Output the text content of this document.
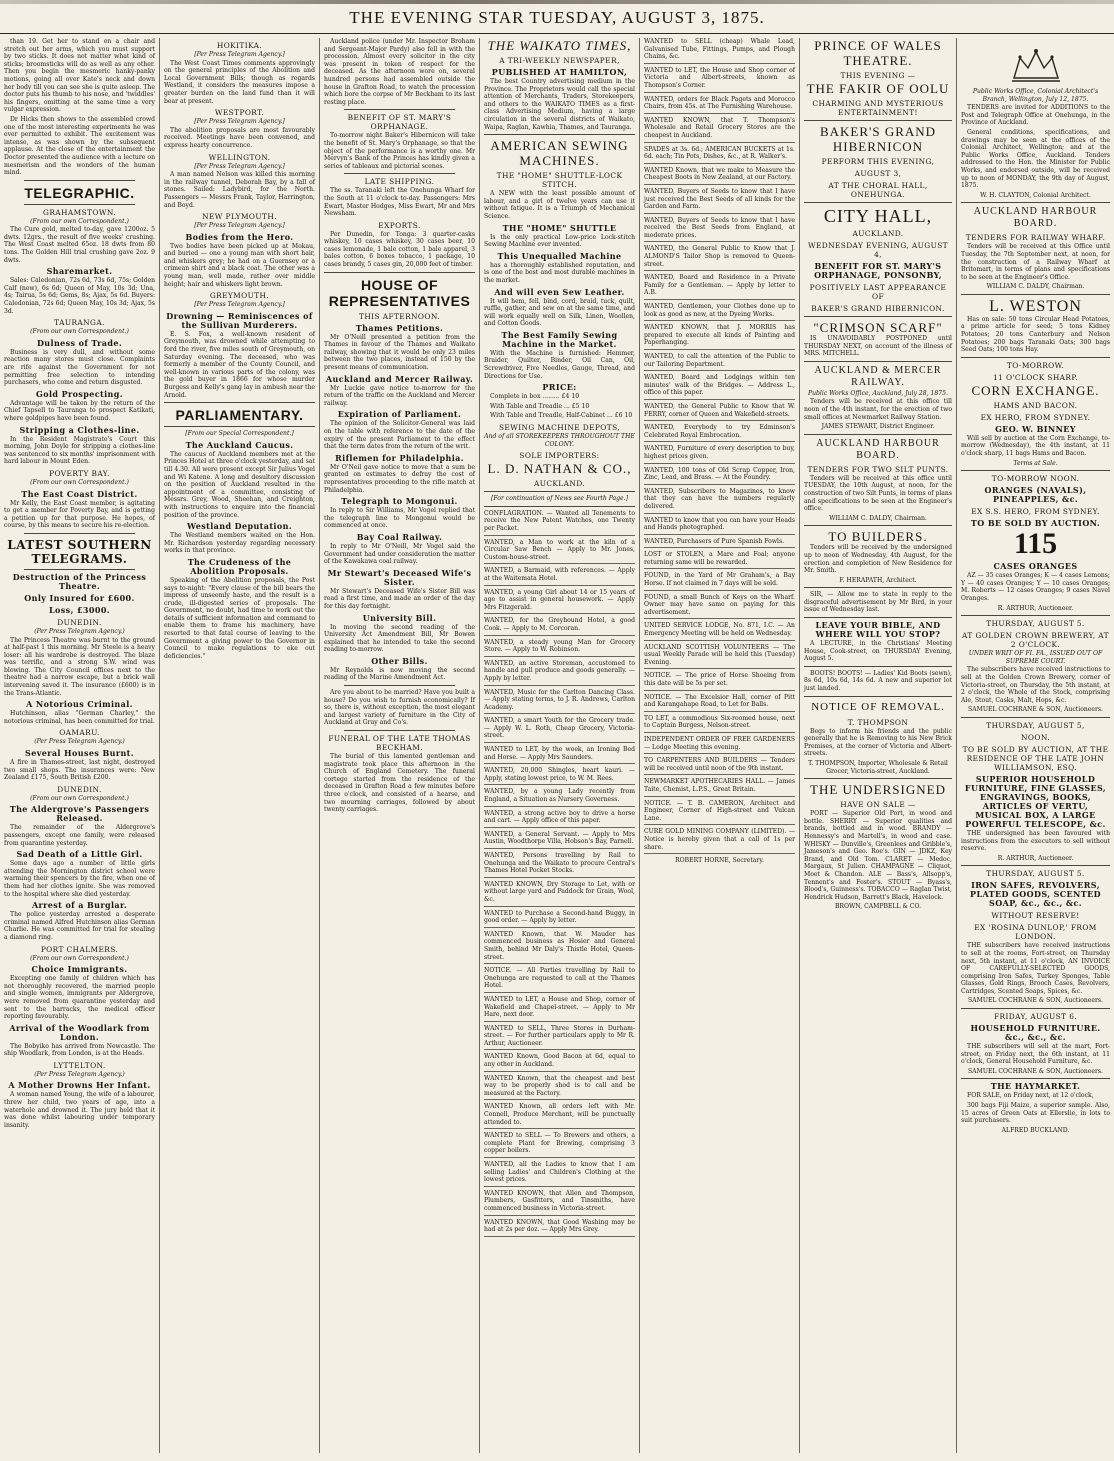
THE EVENING STAR TUESDAY, AUGUST 3, 1875.

than 19. Get her to stand on a chair and stretch out her arms, which you must support by two sticks. It does not matter what kind of sticks; broomsticks will do as well as any other. Then you begin the mesmeric hanky-panky motions, going all over Kate's neck and down her body till you can see she is quite asleep. The doctor puts his thumb to his nose, and 'twiddles' his fingers, omitting at the same time a very vulgar expression.

Dr Hicks then shows to the assembled crowd one of the most interesting experiments he was ever permitted to exhibit. The excitement was intense, as was shown by the subsequent applause. At the close of the entertainment the Doctor presented the audience with a lecture on mesmerism and the wonders of the human mind.

TELEGRAPHIC.
GRAHAMSTOWN.
(From our own Correspondent.)

The Cure gold, melted to-day, gave 1200oz. 5 dwts. 12grs., the result of five weeks' crushing. The West Coast melted 65oz. 18 dwts from 80 tons. The Golden Hill trial crushing gave 2oz. 9 dwts.

Sharemarket.

Sales: Caledonian, 72s 6d, 73s 6d, 75s; Golden Calf (new), 6s 6d; Queen of May, 10s 3d; Una, 4s; Tairua, 5s 6d; Gems, 8s; Ajax, 5s 6d. Buyers: Caledonian, 72s 6d; Queen May, 10s 3d; Ajax, 5s 3d.

TAURANGA.
(From our own Correspondent.)
Dulness of Trade.

Business is very dull, and without some reaction many stores must close. Complaints are rife against the Government for not permitting free selection to intending purchasers, who come and return disgusted.

Gold Prospecting.

Advantage will be taken by the return of the Chief Tapsell to Tauranga to prospect Katikati, where goldpipes have been found.

Stripping a Clothes-line.

In the Resident Magistrate's Court this morning, John Doyle for stripping a clothes-line was sentenced to six months' imprisonment with hard labour in Mount Eden.

POVERTY BAY.
(From our own Correspondent.)
The East Coast District.

Mr Kelly, the East Coast member, is agitating to get a member for Poverty Bay, and is getting a petition up for that purpose. He hopes, of course, by this means to secure his re-election.

LATEST SOUTHERN TELEGRAMS.
Destruction of the Princess Theatre.
Only Insured for £600.
Loss, £3000.
DUNEDIN.
(Per Press Telegram Agency.)

The Princess Theatre was burnt to the ground at half-past 1 this morning. Mr Steele is a heavy loser: all his wardrobe is destroyed. The blaze was terrific, and a strong S.W. wind was blowing. The City Council offices next to the theatre had a narrow escape, but a brick wall intervening saved it. The insurance (£600) is in the Trans-Atlantic.

A Notorious Criminal.

Hutchinson, alias "German Charley," the notorious criminal, has been committed for trial.

OAMARU.
(Per Press Telegram Agency.)
Several Houses Burnt.

A fire in Thames-street, last night, destroyed two small shops. The insurances were: New Zealand £175, South British £200.

DUNEDIN.
(From our own Correspondent.)
The Aldergrove's Passengers Released.

The remainder of the Aldergrove's passengers, except one family, were released from quarantine yesterday.

Sad Death of a Little Girl.

Some days ago a number of little girls attending the Mornington district school were warming their spencers by the fire, when one of them had her clothes ignite. She was removed to the hospital where she died yesterday.

Arrest of a Burglar.

The police yesterday arrested a desperate criminal named Alfred Hutchinson alias German Charlie. He was committed for trial for stealing a diamond ring.

PORT CHALMERS.
(From our own Correspondent.)
Choice Immigrants.

Excepting one family of children which has not thoroughly recovered, the married people and single women, immigrants per Aldergrove, were removed from quarantine yesterday and sent to the barracks, the medical officer reporting favourably.

Arrival of the Woodlark from London.

The Bobyiko has arrived from Newcastle. The ship Woodlark, from London, is at the Heads.

LYTTELTON.
(Per Press Telegram Agency.)
A Mother Drowns Her Infant.

A woman named Young, the wife of a labourer, threw her child, two years of age, into a waterhole and drowned it. The jury held that it was done whilst labouring under temporary insanity.

HOKITIKA.
[Per Press Telegram Agency.]

The West Coast Times comments approvingly on the general principles of the Abolition and Local Government Bills; though as regards Westland, it considers the measures impose a greater burden on the land fund than it will bear at present.

WESTPORT.
[Per Press Telegram Agency.]

The abolition proposals are most favourably received. Meetings have been convened, and express hearty concurrence.

WELLINGTON.
[Per Press Telegram Agency.]

A man named Nelson was killed this morning in the railway tunnel, Deborah Bay, by a fall of stones. Sailed: Ladybird, for the North. Passengers — Messrs Frank, Taylor, Harrington, and Boyd.

NEW PLYMOUTH.
[Per Press Telegram Agency.]
Bodies from the Hero.

Two bodies have been picked up at Mokau, and buried — one a young man with short hair, and whiskers grey; he had on a Guernsey or a crimean shirt and a black coat. The other was a young man, well made, rather over middle height; hair and whiskers light brown.

GREYMOUTH.
[Per Press Telegram Agency.]
Drowning — Reminiscences of the Sullivan Murderers.

E. S. Fox, a well-known resident of Greymouth, was drowned while attempting to ford the river, five miles south of Greymouth, on Saturday evening. The deceased, who was formerly a member of the County Council, and well-known in various parts of the colony, was the gold buyer in 1866 for whose murder Burgess and Kelly's gang lay in ambush near the Arnold.

PARLIAMENTARY.
[From our Special Correspondent.]
The Auckland Caucus.

The caucus of Auckland members met at the Princes Hotel at three o'clock yesterday, and sat till 4.30. All were present except Sir Julius Vogel and Wi Katene. A long and desultory discussion on the position of Auckland resulted in the appointment of a committee, consisting of Messrs. Grey, Wood, Sheehan, and Creighton, with instructions to enquire into the financial position of the province.

Westland Deputation.

The Westland members waited on the Hon. Mr. Richardson yesterday regarding necessary works in that province.

The Crudeness of the Abolition Proposals.

Speaking of the Abolition proposals, the Post says to-night: "Every clause of the bill bears the impress of unseemly haste, and the result is a crude, ill-digested series of proposals. The Government, no doubt, had time to work out the details of sufficient information and command to enable them to frame his machinery, have resorted to that fatal course of leaving to the Government a giving power to the Governor in Council to make regulations to eke out deficiencies."

Auckland police (under Mr. Inspector Broham and Sergeant-Major Pardy) also fell in with the procession. Almost every solicitor in the city was present in token of respect for the deceased. As the afternoon wore on, several hundred persons had assembled outside the house in Grafton Road, to watch the procession which bore the corpse of Mr Beckham to its last resting place.

BENEFIT OF ST. MARY'S ORPHANAGE.

To-morrow night Baker's Hibernicon will take the benefit of St. Mary's Orphanage, so that the object of the performance is a worthy one. Mr Mervyn's Bank of the Princes has kindly given a series of tableaux and pictorial scenes.

LATE SHIPPING.

The ss. Taranaki left the Onehunga Wharf for the South at 11 o'clock to-day. Passengers: Mrs Ewart, Master Hodges, Miss Ewart, Mr and Mrs Newsham.

EXPORTS.

Per Dunedin, for Tonga: 3 quarter-casks whiskey, 10 cases whiskey, 30 cases beer, 10 cases lemonade, 1 bale cotton, 1 bale apparel, 3 bales cotton, 6 boxes tobacco, 1 package, 10 cases brandy, 5 cases gin, 20,000 feet of timber.

HOUSE OF REPRESENTATIVES
THIS AFTERNOON.
Thames Petitions.

Mr O'Neill presented a petition from the Thames in favour of the Thames and Waikato railway, showing that it would be only 23 miles between the two places, instead of 150 by the present means of communication.

Auckland and Mercer Railway.

Mr Luckie gave notice to-morrow for the return of the traffic on the Auckland and Mercer railway.

Expiration of Parliament.

The opinion of the Solicitor-General was laid on the table with reference to the date of the expiry of the present Parliament to the effect that the term dates from the return of the writ.

Riflemen for Philadelphia.

Mr O'Neil gave notice to move that a sum be granted on estimates to defray the cost of representatives proceeding to the rifle match at Philadelphia.

Telegraph to Mongonui.

In reply to Sir Williams, Mr Vogel replied that the telegraph line to Mongonui would be commenced at once.

Bay Coal Railway.

In reply to Mr O'Neill, Mr Vogel said the Government had under consideration the matter of the Kawakawa coal railway.

Mr Stewart's Deceased Wife's Sister.

Mr Stewart's Deceased Wife's Sister Bill was read a first time, and made an order of the day for this day fortnight.

University Bill.

In moving the second reading of the University Act Amendment Bill, Mr Bowen explained that he intended to take the second reading to-morrow.

Other Bills.

Mr Reynolds is now moving the second reading of the Marine Amendment Act.

Are you about to be married? Have you built a house? Do you wish to furnish economically? If so, there is, without exception, the most elegant and largest variety of furniture in the City of Auckland at Gray and Co's.

FUNERAL OF THE LATE THOMAS BECKHAM.

The burial of this lamented gentleman and magistrate took place this afternoon in the Church of England Cemetery. The funeral cortege started from the residence of the deceased in Grafton Road a few minutes before three o'clock, and consisted of a hearse, and two mourning carriages, followed by about twenty carriages.

THE WAIKATO TIMES,
A TRI-WEEKLY NEWSPAPER,
PUBLISHED AT HAMILTON,

The best Country advertising medium in the Province. The Proprietors would call the special attention of Merchants, Traders, Storekeepers, and others to the WAIKATO TIMES as a first-class Advertising Medium, having a large circulation in the several districts of Waikato, Waipa, Raglan, Kawhia, Thames, and Tauranga.

AMERICAN SEWING MACHINES.
THE "HOME" SHUTTLE-LOCK STITCH.

A NEW with the least possible amount of labour, and a girl of twelve years can use it without fatigue. It is a Triumph of Mechanical Science.

THE "HOME" SHUTTLE

Is the only practical Low-price Lock-stitch Sewing Machine ever invented.

This Unequalled Machine

has a thoroughly established reputation, and is one of the best and most durable machines in the market.

And will even Sew Leather.

It will hem, fell, bind, cord, braid, tuck, quilt, ruffle, gather, and sew on at the same time, and will work equally well on Silk, Linen, Woollen, and Cotton Goods.

The Best Family Sewing Machine in the Market.

With the Machine is furnished: Hemmer, Braider, Quilter, Binder, Oil Can, Oil, Screwdriver, Five Needles, Gauge, Thread, and Directions for Use.

PRICE:

Complete in box ......... £4 10

With Table and Treadle ... £5 10

With Table and Treadle, Half-Cabinet ... £6 10

SEWING MACHINE DEPOTS,
And of all STOREKEEPERS THROUGHOUT THE COLONY.
SOLE IMPORTERS:
L. D. NATHAN & CO.,
AUCKLAND.
[For continuation of News see Fourth Page.]
CONFLAGRATION. — Wanted all Tenements to receive the New Patent Watches, one Twenty per Packet.
WANTED, a Man to work at the kiln of a Circular Saw Bench — Apply to Mr. Jones, Custom-house-street.
WANTED, a Barmaid, with references. — Apply at the Waitemata Hotel.
WANTED, a young Girl about 14 or 15 years of age to assist in general housework. — Apply Mrs Fitzgerald.
WANTED, for the Greyhound Hotel, a good Cook. — Apply to M. Corcoran.
WANTED, a steady young Man for Grocery Store. — Apply to W. Robinson.
WANTED, an active Storeman, accustomed to handle and pull produce and goods generally. — Apply by letter.
WANTED, Music for the Carlton Dancing Class. — Apply stating terms, to J. R. Andrews, Carlton Academy.
WANTED, a smart Youth for the Grocery trade. — Apply W. L. Roth, Cheap Grocery, Victoria-street.
WANTED to LET, by the week, an Ironing Bed and Horse. — Apply Mrs Saunders.
WANTED, 20,000 Shingles, heart kauri. — Apply, stating lowest price, to W. M. Rees.
WANTED, by a young Lady recently from England, a Situation as Nursery Governess.
WANTED, a strong active boy to drive a horse and cart. — Apply office of this paper.
WANTED, a General Servant. — Apply to Mrs Austin, Woodthorpe Villa, Hobson's Bay, Parnell.
WANTED, Persons travelling by Rail to Onehunga and the Waikato to procure Central's Thames Hotel Pocket Stocks.
WANTED KNOWN, Dry Storage to Let, with or without large yard and Paddock for Grain, Wool, &c.
WANTED to Purchase a Second-hand Buggy, in good order. — Apply by letter.
WANTED Known, that W. Mauder has commenced business as Hosier and General Smith, behind Mr Daly's Thistle Hotel, Queen-street.
NOTICE. — All Parties travelling by Rail to Onehunga are requested to call at the Thames Hotel.
WANTED to LET, a House and Shop, corner of Wakefield and Chapel-street. — Apply to Mr Hare, next door.
WANTED to SELL, Three Stores in Durham-street. — For further particulars apply to Mr R. Arthur, Auctioneer.
WANTED Known, Good Bacon at 6d, equal to any other in Auckland.
WANTED Known, that the cheapest and best way to be properly shod is to call and be measured at the Factory.
WANTED Known, all orders left with Mr. Connell, Produce Merchant, will be punctually attended to.
WANTED to SELL — To Brewers and others, a complete Plant for Brewing, comprising 3 copper boilers.
WANTED, all the Ladies to know that I am selling Ladies' and Children's Clothing at the lowest prices.
WANTED KNOWN, that Allen and Thompson, Plumbers, Gasfitters, and Tinsmiths, have commenced business in Victoria-street.
WANTED KNOWN, that Good Washing may be had at 2s per doz. — Apply Mrs Grey.
WANTED to SELL (cheap) Whale Lead, Galvanised Tube, Fittings, Pumps, and Plough Chains, &c.
WANTED to LET, the House and Shop corner of Victoria and Albert-streets, known as Thompson's Corner.
WANTED, orders for Black Pagets and Morocco Chairs, from 45s. at The Furnishing Warehouse.
WANTED KNOWN, that T. Thompson's Wholesale and Retail Grocery Stores are the cheapest in Auckland.
SPADES at 3s. 6d.; AMERICAN BUCKETS at 1s. 6d. each; Tin Pots, Dishes, &c., at R. Walker's.
WANTED Known, that we make to Measure the Cheapest Boots in New Zealand, at our Factory.
WANTED, Buyers of Seeds to know that I have just received the Best Seeds of all kinds for the Garden and Farm.
WANTED, Buyers of Seeds to know that I have received the Best Seeds from England, at moderate prices.
WANTED, the General Public to Know that J. ALMOND'S Tailor Shop is removed to Queen-street.
WANTED, Board and Residence in a Private Family for a Gentleman. — Apply by letter to A.B.
WANTED, Gentlemen, your Clothes done up to look as good as new, at the Dyeing Works.
WANTED KNOWN, that J. MORRIS has prepared to execute all kinds of Painting and Paperhanging.
WANTED, to call the attention of the Public to our Tailoring Department.
WANTED, Board and Lodgings within ten minutes' walk of the Bridges. — Address L., office of this paper.
WANTED, the General Public to Know that W. FERRY, corner of Queen and Wakefield-streets.
WANTED, Everybody to try Edminson's Celebrated Royal Embrocation.
WANTED, Furniture of every description to buy, highest prices given.
WANTED, 100 tons of Old Scrap Copper, Iron, Zinc, Lead, and Brass. — At the Foundry.
WANTED, Subscribers to Magazines, to know that they can have the numbers regularly delivered.
WANTED to know that you can have your Heads and Hands photographed.
WANTED, Purchasers of Pure Spanish Fowls.
LOST or STOLEN, a Mare and Foal; anyone returning same will be rewarded.
FOUND, in the Yard of Mr Graham's, a Bay Horse. If not claimed in 7 days will be sold.
FOUND, a small Bunch of Keys on the Wharf. Owner may have same on paying for this advertisement.
UNITED SERVICE LODGE, No. 871, I.C. — An Emergency Meeting will be held on Wednesday.
AUCKLAND SCOTTISH VOLUNTEERS — The usual Weekly Parade will be held this (Tuesday) Evening.
NOTICE. — The price of Horse Shoeing from this date will be 5s per set.
NOTICE. — The Excelsior Hall, corner of Pitt and Karangahape Road, to Let for Balls.
TO LET, a commodious Six-roomed house, next to Captain Burgess, Nelson-street.
INDEPENDENT ORDER OF FREE GARDENERS — Lodge Meeting this evening.
TO CARPENTERS AND BUILDERS — Tenders will be received until noon of the 9th instant.
NEWMARKET APOTHECARIES HALL. — James Taite, Chemist, L.P.S., Great Britain.
NOTICE. — T. B. CAMERON, Architect and Engineer, Corner of High-street and Vulcan Lane.
CURE GOLD MINING COMPANY (LIMITED). — Notice is hereby given that a call of 1s per share.
ROBERT HORNE, Secretary.
PRINCE OF WALES THEATRE.
THIS EVENING —
THE FAKIR OF OOLU
CHARMING AND MYSTERIOUS ENTERTAINMENT!
BAKER'S GRAND HIBERNICON
PERFORM THIS EVENING,
AUGUST 3,
AT THE CHORAL HALL, ONEHUNGA.
CITY HALL,
AUCKLAND.
WEDNESDAY EVENING, AUGUST 4,
BENEFIT FOR ST. MARY'S ORPHANAGE, PONSONBY,
POSITIVELY LAST APPEARANCE OF
BAKER'S GRAND HIBERNICON.
"CRIMSON SCARF"

IS UNAVOIDABLY POSTPONED until THURSDAY NEXT, on account of the illness of MRS. MITCHELL.

AUCKLAND & MERCER RAILWAY.
Public Works Office, Auckland, July 28, 1875.

Tenders will be received at this office till noon of the 4th instant, for the erection of two small offices at Newmarket Railway Station.

JAMES STEWART, District Engineer.
AUCKLAND HARBOUR BOARD.
TENDERS FOR TWO SILT PUNTS.

Tenders will be received at this office until TUESDAY, the 10th August, at noon, for the construction of two Silt Punts, in terms of plans and specifications to be seen at the Engineer's office.

WILLIAM C. DALDY, Chairman.
TO BUILDERS.

Tenders will be received by the undersigned up to noon of Wednesday, 4th August, for the erection and completion of New Residence for Mr. Smith.

F. HERAPATH, Architect.

SIR, — Allow me to state in reply to the disgraceful advertisement by Mr Bird, in your issue of Wednesday last.

LEAVE YOUR BIBLE, AND WHERE WILL YOU STOP?

A LECTURE, in the Christians' Meeting House, Cook-street, on THURSDAY Evening, August 5.

BOOTS! BOOTS! — Ladies' Kid Boots (sewn), 8s 6d, 10s 6d, 14s 6d. A new and superior lot just landed.

NOTICE OF REMOVAL.
T. THOMPSON

Begs to inform his friends and the public generally that he is Removing to his New Brick Premises, at the corner of Victoria and Albert-streets.

T. THOMPSON, Importer, Wholesale & Retail Grocer, Victoria-street, Auckland.
THE UNDERSIGNED
HAVE ON SALE —

PORT — Superior Old Port, in wood and bottle. SHERRY — Superior qualities and brands, bottled and in wood. BRANDY — Hennessy's and Martell's, in wood and case. WHISKY — Dunville's, Greenlees and Gribble's, Jameson's and Geo. Roe's. GIN — JDKZ, Key Brand, and Old Tom. CLARET — Medoc, Margaux, St Julien. CHAMPAGNE — Cliquot, Moet & Chandon. ALE — Bass's, Allsopp's, Tennent's and Foster's. STOUT — Byass's, Blood's, Guinness's. TOBACCO — Raglan Twist, Hendrick Hudson, Barrett's Black, Havelock.

BROWN, CAMPBELL & CO.
Public Works Office, Colonial Architect's Branch, Wellington, July 12, 1875.

TENDERS are invited for ADDITIONS to the Post and Telegraph Office at Onehunga, in the Province of Auckland.

General conditions, specifications, and drawings may be seen at the offices of the Colonial Architect, Wellington; and at the Public Works Office, Auckland. Tenders addressed to the Hon. the Minister for Public Works, and endorsed outside, will be received up to noon of MONDAY, the 9th day of August, 1875.

W. H. CLAYTON, Colonial Architect.
AUCKLAND HARBOUR BOARD.
TENDERS FOR RAILWAY WHARF.

Tenders will be received at this Office until Tuesday, the 7th September next, at noon, for the construction of a Railway Wharf at Britomart, in terms of plans and specifications to be seen at the Engineer's Office.

WILLIAM C. DALDY, Chairman.
L. WESTON

Has on sale: 50 tons Circular Head Potatoes, a prime article for seed; 5 tons Kidney Potatoes; 20 tons Canterbury and Nelson Potatoes; 200 bags Taranaki Oats; 300 bags Seed Oats; 100 tons Hay.

TO-MORROW.
11 O'CLOCK SHARP.
CORN EXCHANGE.
HAMS AND BACON.
EX HERO, FROM SYDNEY.
GEO. W. BINNEY

Will sell by auction at the Corn Exchange, to-morrow (Wednesday), the 4th instant, at 11 o'clock sharp, 11 bags Hams and Bacon.

Terms at Sale.
TO-MORROW NOON.
ORANGES (NAVALS), PINEAPPLES, &c.
EX S.S. HERO, FROM SYDNEY.
TO BE SOLD BY AUCTION.
115
CASES ORANGES

AZ — 35 cases Oranges; K — 4 cases Lemons; Y — 40 cases Oranges; Y — 10 cases Oranges; M. Roberts — 12 cases Oranges; 9 cases Navel Oranges.

R. ARTHUR, Auctioneer.
THURSDAY, AUGUST 5.
AT GOLDEN CROWN BREWERY, AT 2 O'CLOCK.
UNDER WRIT OF FI. FA., ISSUED OUT OF SUPREME COURT.

The subscribers have received instructions to sell at the Golden Crown Brewery, corner of Victoria-street, on Thursday, the 5th instant, at 2 o'clock, the Whole of the Stock, comprising Ale, Stout, Casks, Malt, Hops, &c.

SAMUEL COCHRANE & SON, Auctioneers.
THURSDAY, AUGUST 5,
NOON.
TO BE SOLD BY AUCTION, AT THE RESIDENCE OF THE LATE JOHN WILLIAMSON, ESQ.
SUPERIOR HOUSEHOLD FURNITURE, FINE GLASSES, ENGRAVINGS, BOOKS, ARTICLES OF VERTU, MUSICAL BOX, A LARGE POWERFUL TELESCOPE, &c.

THE undersigned has been favoured with instructions from the executors to sell without reserve.

R. ARTHUR, Auctioneer.
THURSDAY, AUGUST 5.
IRON SAFES, REVOLVERS, PLATED GOODS, SCENTED SOAP, &c., &c., &c.
WITHOUT RESERVE!
EX 'ROSINA DUNLOP,' FROM LONDON.

THE subscribers have received instructions to sell at the rooms, Fort-street, on Thursday next, 5th instant, at 11 o'clock, AN INVOICE OF CAREFULLY-SELECTED GOODS, comprising Iron Safes, Turkey Sponges, Table Glasses, Gold Rings, Brooch Cases, Revolvers, Cartridges, Scented Soaps, Spices, &c.

SAMUEL COCHRANE & SON, Auctioneers.
FRIDAY, AUGUST 6.
HOUSEHOLD FURNITURE. &c., &c., &c.

THE subscribers will sell at the mart, Fort-street, on Friday next, the 6th instant, at 11 o'clock, General Household Furniture, &c.

SAMUEL COCHRANE & SON, Auctioneers.
THE HAYMARKET.

FOR SALE, on Friday next, at 12 o'clock,

300 bags Fiji Maize, a superior sample. Also, 15 acres of Green Oats at Ellerslie, in lots to suit purchasers.

ALFRED BUCKLAND.
